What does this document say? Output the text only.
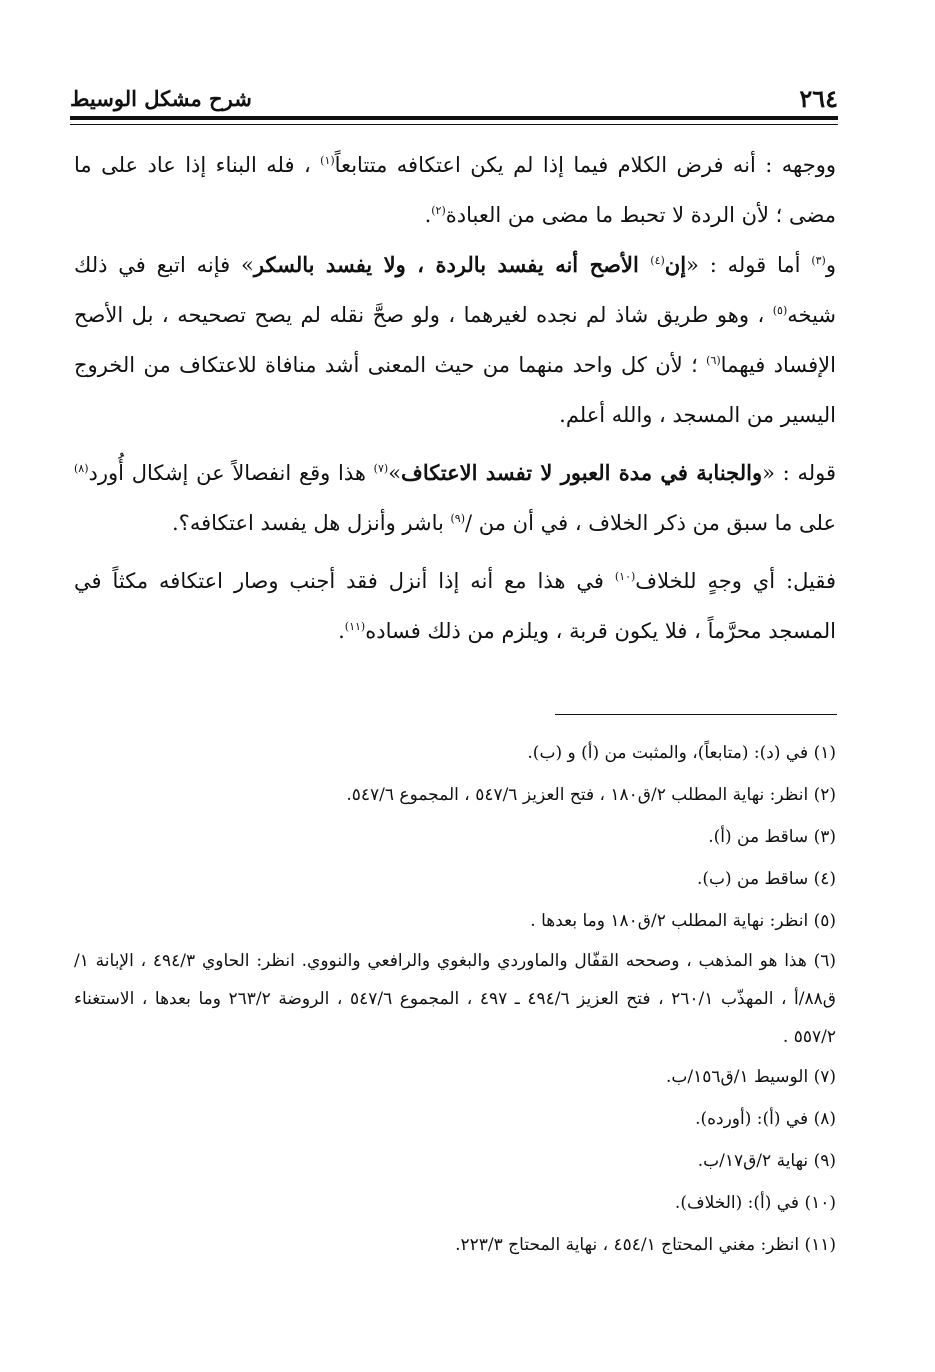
٢٦٤
شرح مشكل الوسيط

ووجهه : أنه فرض الكلام فيما إذا لم يكن اعتكافه متتابعاً$^{(١)}$ ، فله البناء إذا عاد على ما مضى ؛ لأن الردة لا تحبط ما مضى من العبادة$^{(٢)}$.

و$^{(٣)}$ أما قوله : «إن$^{(٤)}$ الأصح أنه يفسد بالردة ، ولا يفسد بالسكر» فإنه اتبع في ذلك شيخه$^{(٥)}$ ، وهو طريق شاذ لم نجده لغيرهما ، ولو صحَّ نقله لم يصح تصحيحه ، بل الأصح الإفساد فيهما$^{(٦)}$ ؛ لأن كل واحد منهما من حيث المعنى أشد منافاة للاعتكاف من الخروج اليسير من المسجد ، والله أعلم.

قوله : «والجنابة في مدة العبور لا تفسد الاعتكاف»$^{(٧)}$ هذا وقع انفصالاً عن إشكال أُورد$^{(٨)}$ على ما سبق من ذكر الخلاف ، في أن من /$^{(٩)}$ باشر وأنزل هل يفسد اعتكافه؟.

فقيل: أي وجهٍ للخلاف$^{(١٠)}$ في هذا مع أنه إذا أنزل فقد أجنب وصار اعتكافه مكثاً في المسجد محرَّماً ، فلا يكون قربة ، ويلزم من ذلك فساده$^{(١١)}$.

(١) في (د): (متابعاً)، والمثبت من (أ) و (ب).

(٢) انظر: نهاية المطلب ٢/ق١٨٠ ، فتح العزيز ٥٤٧/٦ ، المجموع ٥٤٧/٦.

(٣) ساقط من (أ).

(٤) ساقط من (ب).

(٥) انظر: نهاية المطلب ٢/ق١٨٠ وما بعدها .

(٦) هذا هو المذهب ، وصححه القفّال والماوردي والبغوي والرافعي والنووي. انظر: الحاوي ٤٩٤/٣ ، الإبانة ١/ق٨٨/أ ، المهذّب ٢٦٠/١ ، فتح العزيز ٤٩٤/٦ ـ ٤٩٧ ، المجموع ٥٤٧/٦ ، الروضة ٢٦٣/٢ وما بعدها ، الاستغناء ٥٥٧/٢ .

(٧) الوسيط ١/ق١٥٦/ب.

(٨) في (أ): (أورده).

(٩) نهاية ٢/ق١٧/ب.

(١٠) في (أ): (الخلاف).

(١١) انظر: مغني المحتاج ٤٥٤/١ ، نهاية المحتاج ٢٢٣/٣.
